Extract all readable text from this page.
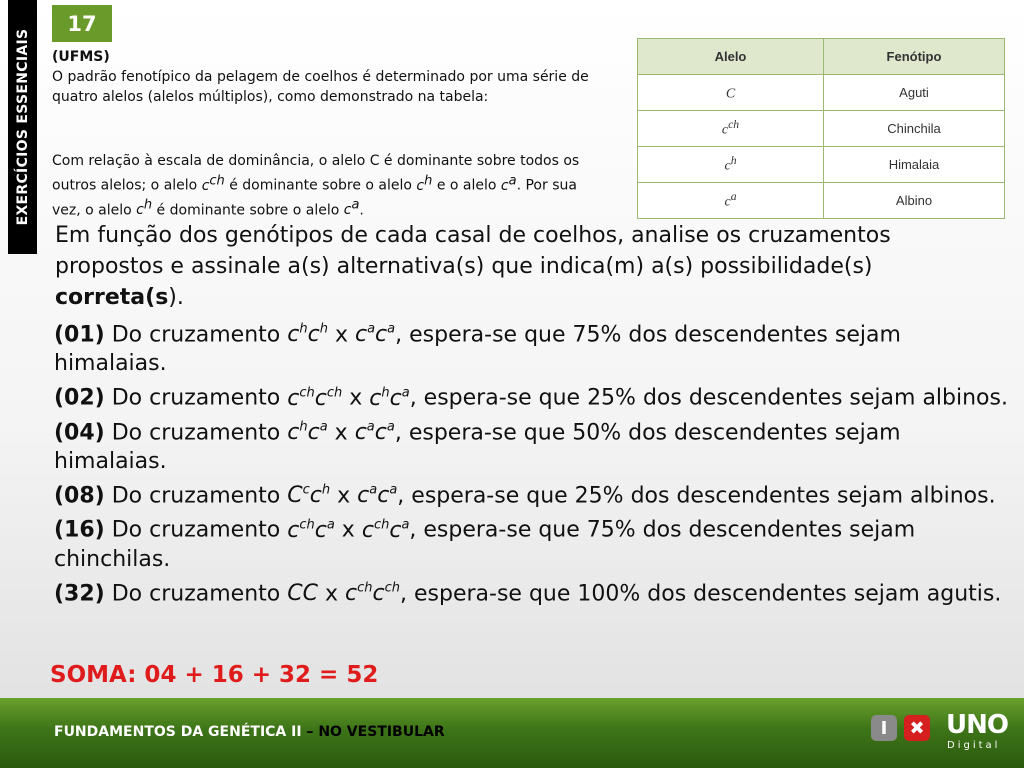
EXERCÍCIOS ESSENCIAIS
17
(UFMS)
O padrão fenotípico da pelagem de coelhos é determinado por uma série de quatro alelos (alelos múltiplos), como demonstrado na tabela:
Com relação à escala de dominância, o alelo C é dominante sobre todos os outros alelos; o alelo $c^{ch}$ é dominante sobre o alelo $c^h$ e o alelo $c^a$. Por sua vez, o alelo $c^h$ é dominante sobre o alelo $c^a$.
Alelo	Fenótipo
C	Aguti
$c^{ch}$	Chinchila
$c^h$	Himalaia
$c^a$	Albino
Em função dos genótipos de cada casal de coelhos, analise os cruzamentos propostos e assinale a(s) alternativa(s) que indica(m) a(s) possibilidade(s) correta(s).

(01) Do cruzamento $c^hc^h$ x $c^ac^a$, espera-se que 75% dos descendentes sejam himalaias.

(02) Do cruzamento $c^{ch}c^{ch}$ x $c^hc^a$, espera-se que 25% dos descendentes sejam albinos.

(04) Do cruzamento $c^hc^a$ x $c^ac^a$, espera-se que 50% dos descendentes sejam himalaias.

(08) Do cruzamento $C^cc^h$ x $c^ac^a$, espera-se que 25% dos descendentes sejam albinos.

(16) Do cruzamento $c^{ch}c^a$ x $c^{ch}c^a$, espera-se que 75% dos descendentes sejam chinchilas.

(32) Do cruzamento CC x $c^{ch}c^{ch}$, espera-se que 100% dos descendentes sejam agutis.

SOMA: 04 + 16 + 32 = 52
FUNDAMENTOS DA GENÉTICA II – NO VESTIBULAR	I	✖ UNO
Digital
